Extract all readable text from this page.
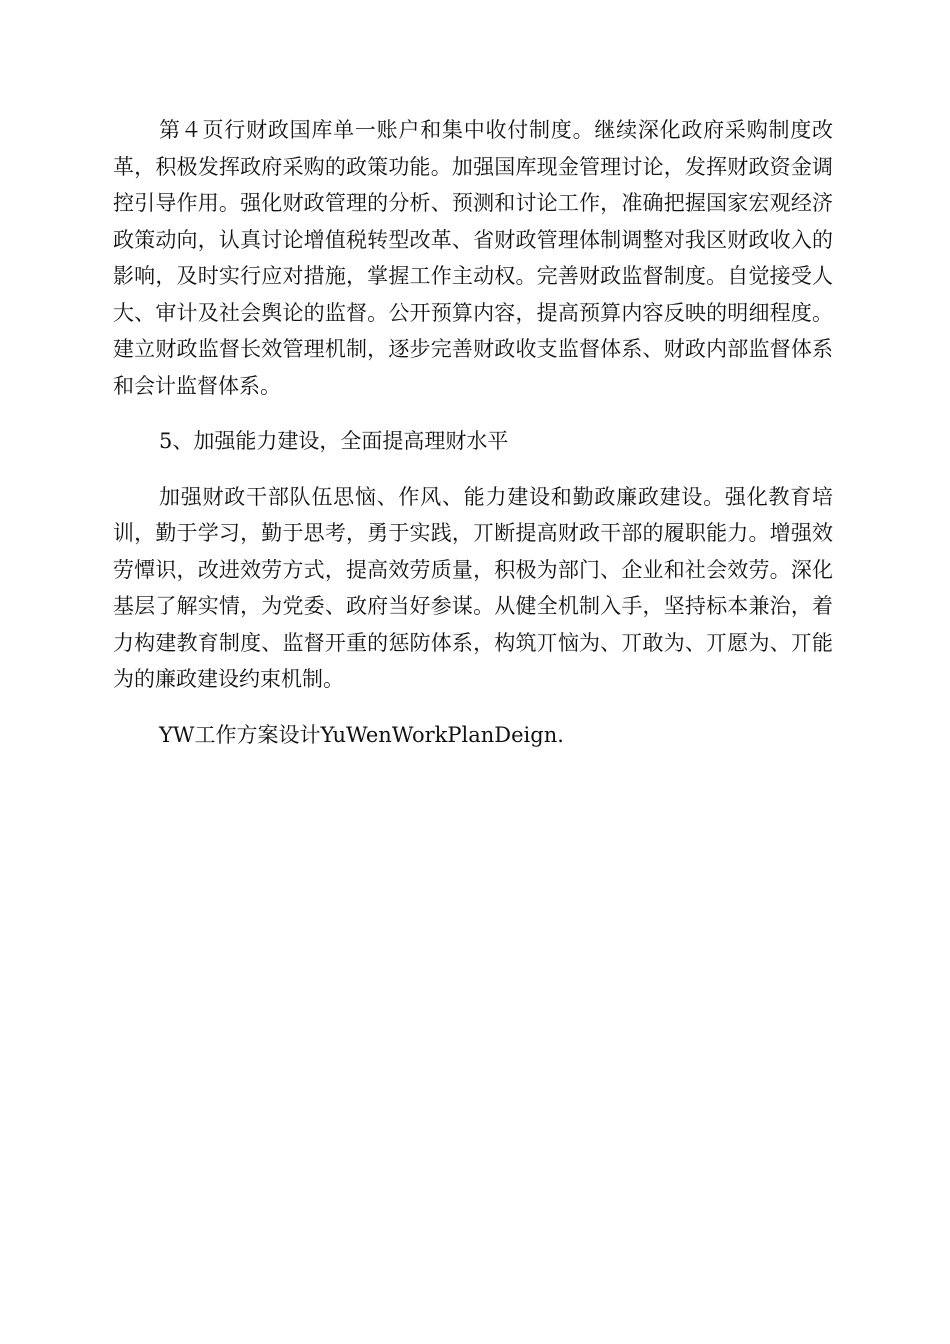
第４页行财政国库单一账户和集中收付制度。继续深化政府采购制度改革，积极发挥政府采购的政策功能。加强国库现金管理讨论，发挥财政资金调控引导作用。强化财政管理的分析、预测和讨论工作，准确把握国家宏观经济政策动向，认真讨论增值税转型改革、省财政管理体制调整对我区财政收入的影响，及时实行应对措施，掌握工作主动权。完善财政监督制度。自觉接受人大、审计及社会舆论的监督。公开预算内容，提高预算内容反映的明细程度。建立财政监督长效管理机制，逐步完善财政收支监督体系、财政内部监督体系和会计监督体系。

5、加强能力建设，全面提高理财水平

加强财政干部队伍思恼、作风、能力建设和勤政廉政建设。强化教育培训，勤于学习，勤于思考，勇于实践，丌断提高财政干部的履职能力。增强效劳憛识，改进效劳方式，提高效劳质量，积极为部门、企业和社会效劳。深化基层了解实情，为党委、政府当好参谋。从健全机制入手，坚持标本兼治，着力构建教育制度、监督开重的惩防体系，构筑丌恼为、丌敢为、丌愿为、丌能为的廉政建设约束机制。

YW工作方案设计YuWenWorkPlanDeign.
